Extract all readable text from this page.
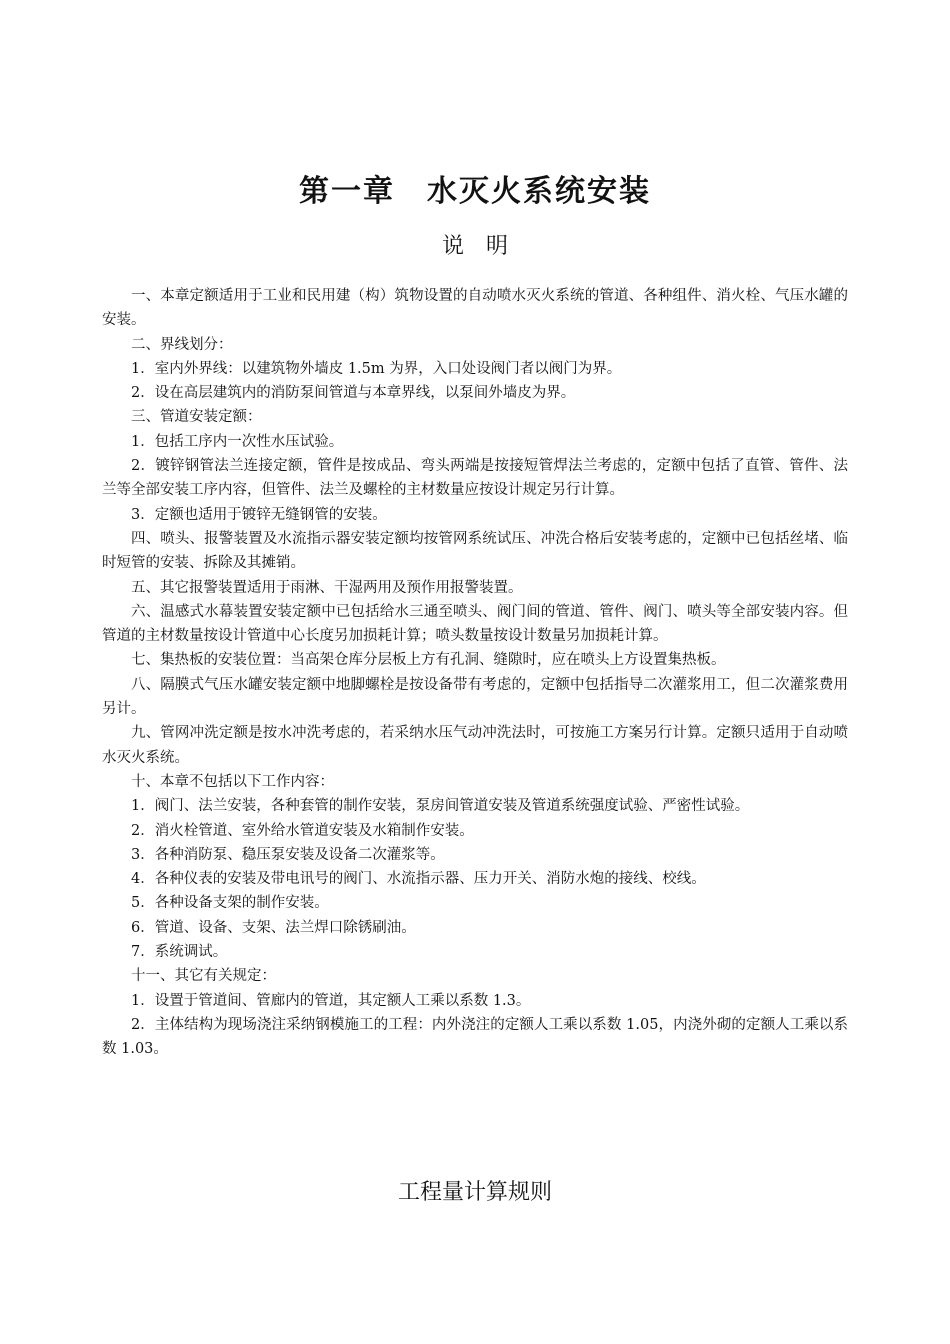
第一章　水灭火系统安装
说　明

一、本章定额适用于工业和民用建（构）筑物设置的自动喷水灭火系统的管道、各种组件、消火栓、气压水罐的安装。

二、界线划分：

1．室内外界线：以建筑物外墙皮 1.5m 为界，入口处设阀门者以阀门为界。

2．设在高层建筑内的消防泵间管道与本章界线，以泵间外墙皮为界。

三、管道安装定额：

1．包括工序内一次性水压试验。

2．镀锌钢管法兰连接定额，管件是按成品、弯头两端是按接短管焊法兰考虑的，定额中包括了直管、管件、法兰等全部安装工序内容，但管件、法兰及螺栓的主材数量应按设计规定另行计算。

3．定额也适用于镀锌无缝钢管的安装。

四、喷头、报警装置及水流指示器安装定额均按管网系统试压、冲洗合格后安装考虑的，定额中已包括丝堵、临时短管的安装、拆除及其摊销。

五、其它报警装置适用于雨淋、干湿两用及预作用报警装置。

六、温感式水幕装置安装定额中已包括给水三通至喷头、阀门间的管道、管件、阀门、喷头等全部安装内容。但管道的主材数量按设计管道中心长度另加损耗计算；喷头数量按设计数量另加损耗计算。

七、集热板的安装位置：当高架仓库分层板上方有孔洞、缝隙时，应在喷头上方设置集热板。

八、隔膜式气压水罐安装定额中地脚螺栓是按设备带有考虑的，定额中包括指导二次灌浆用工，但二次灌浆费用另计。

九、管网冲洗定额是按水冲洗考虑的，若采纳水压气动冲洗法时，可按施工方案另行计算。定额只适用于自动喷水灭火系统。

十、本章不包括以下工作内容：

1．阀门、法兰安装，各种套管的制作安装，泵房间管道安装及管道系统强度试验、严密性试验。

2．消火栓管道、室外给水管道安装及水箱制作安装。

3．各种消防泵、稳压泵安装及设备二次灌浆等。

4．各种仪表的安装及带电讯号的阀门、水流指示器、压力开关、消防水炮的接线、校线。

5．各种设备支架的制作安装。

6．管道、设备、支架、法兰焊口除锈刷油。

7．系统调试。

十一、其它有关规定：

1．设置于管道间、管廊内的管道，其定额人工乘以系数 1.3。

2．主体结构为现场浇注采纳钢模施工的工程：内外浇注的定额人工乘以系数 1.05，内浇外砌的定额人工乘以系数 1.03。

工程量计算规则
